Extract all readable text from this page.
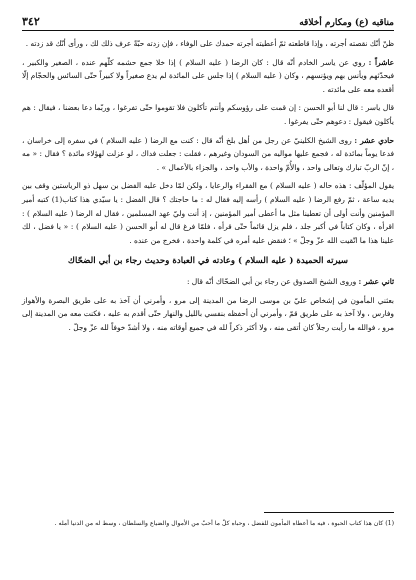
مناقبه (ع) ومكارم أخلاقه
٣٤٢

ظنّ أنّك نقصته أجرته ، وإذا قاطعته ثمّ أعطيته أجرته حمدك على الوفاء ، فإن زدته حبّةً عرف ذلك لك ، ورأى أنّك قد زدته .

عاشراً : روي عن ياسر الخادم أنّه قال : كان الرضا ( عليه السلام ) إذا خلا جمع حشمه كلّهم عنده ، الصغير والكبير ، فيحدّثهم ويأنس بهم ويؤنسهم ، وكان ( عليه السلام ) إذا جلس على المائدة لم يدع صغيراً ولا كبيراً حتّى السائس والحجّام إلّا أقعده معه على مائدته .

قال ياسر : قال لنا أبو الحسن : إن قمت على رؤوسكم وأنتم تأكلون فلا تقوموا حتّى تفرغوا ، وربّما دعا بعضنا ، فيقال : هم يأكلون فيقول : دعوهم حتّى يفرغوا .

حادي عشر : روى الشيخ الكلينيّ عن رجل من أهل بلخ أنّه قال : كنت مع الرضا ( عليه السلام ) في سفره إلى خراسان ، فدعا يوماً بمائدة له ، فجمع عليها مواليه من السودان وغيرهم ، فقلت : جعلت فداك ، لو عزلت لهؤلاء مائدة ؟ فقال : « مه ، إنّ الربّ تبارك وتعالى واحد ، والأُمّ واحدة ، والأب واحد ، والجزاء بالأعمال » .

يقول المؤلّف : هذه حاله ( عليه السلام ) مع الفقراء والرعايا ، ولكن لمّا دخل عليه الفضل بن سهل ذو الرياستين وقف بين يديه ساعة ، ثمّ رفع الرضا ( عليه السلام ) رأسه إليه فقال له : ما حاجتك ؟ قال الفضل : يا سيّدي هذا كتاب(1) كتبه أمير المؤمنين وأنت أولى أن تعطينا مثل ما أعطى أمير المؤمنين ، إذ أنت وليّ عهد المسلمين ، فقال له الرضا ( عليه السلام ) : اقرأه ، وكان كتاباً في أكبر جلد ، فلم يزل قائماً حتّى قرأه ، فلمّا فرغ قال له أبو الحسن ( عليه السلام ) : « يا فضل ، لك علينا هذا ما اتّقيت الله عزّ وجلّ » ؛ فنقض عليه أمره في كلمة واحدة ، فخرج من عنده .

سيرته الحميدة ( عليه السلام ) وعادته في العبادة وحديث رجاء بن أبي الضحّاك

ثاني عشر : وروى الشيخ الصدوق عن رجاء بن أبي الضحّاك أنّه قال :

بعثني المأمون في إشخاص عليّ بن موسى الرضا من المدينة إلى مرو ، وأمرني أن آخذ به على طريق البصرة والأهواز وفارس ، ولا آخذ به على طريق قمّ ، وأمرني أن أحفظه بنفسي بالليل والنهار حتّى أقدم به عليه ، فكنت معه من المدينة إلى مرو ، فوالله ما رأيت رجلاً كان أتقى منه ، ولا أكثر ذكراً لله في جميع أوقاته منه ، ولا أشدّ خوفاً لله عزّ وجلّ .

(1) كان هذا كتاب الحبوة ، فيه ما أعطاه المأمون للفضل ، وحباه كلّ ما أحبّ من الأموال والضياع والسلطان ، وسط له من الدنيا أمله .
